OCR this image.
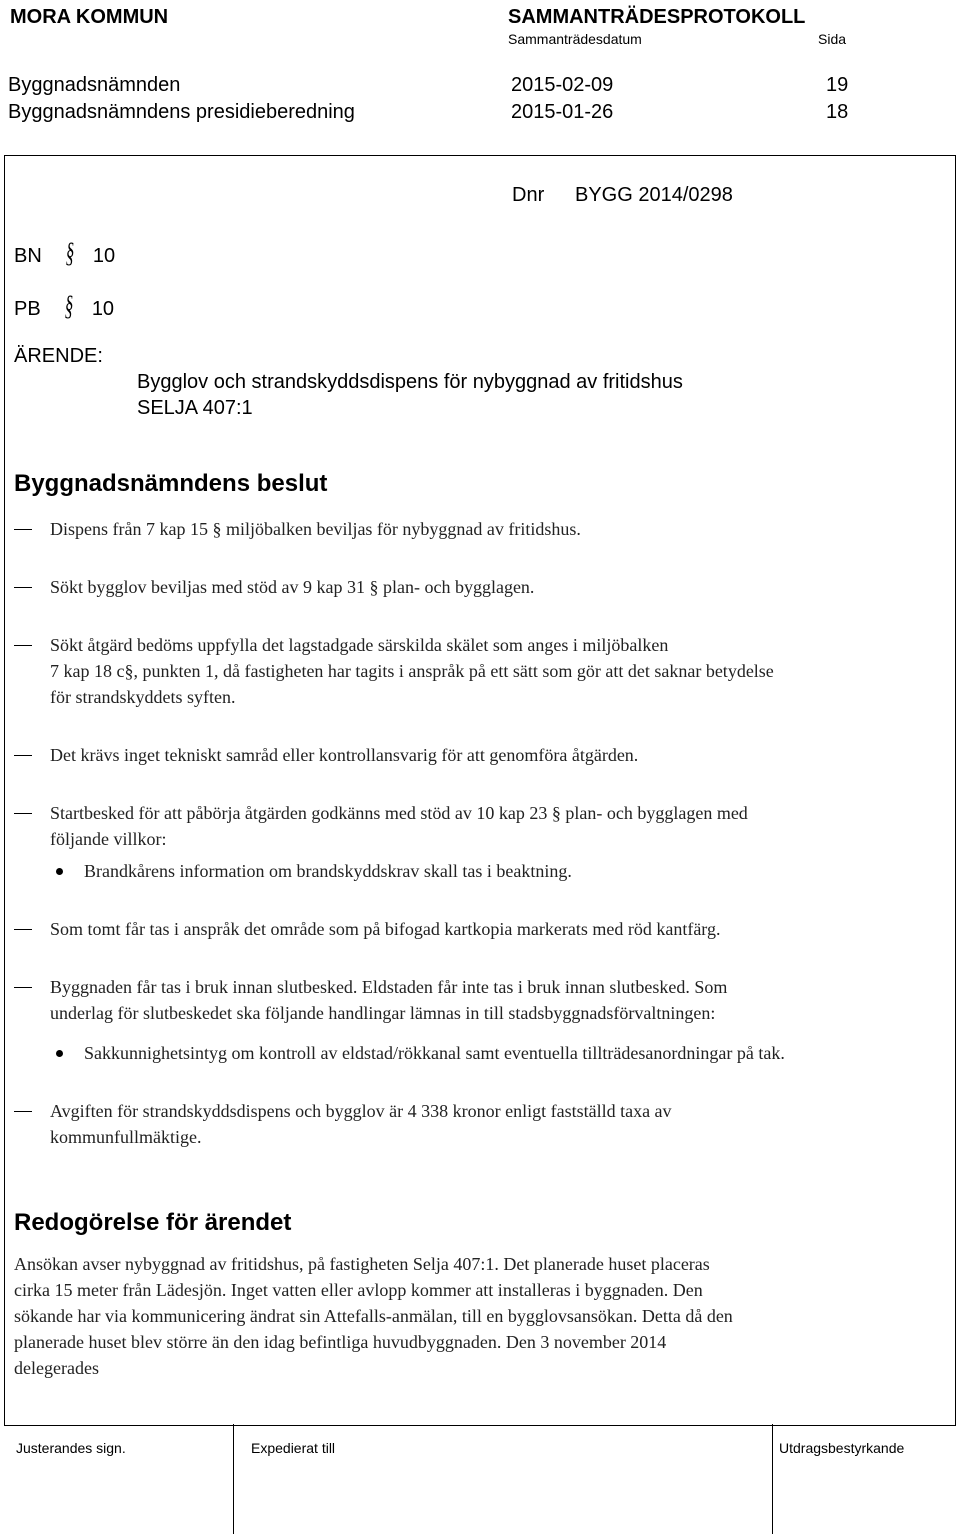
MORA KOMMUN	SAMMANTRÄDESPROTOKOLL
Sammanträdesdatum	Sida
Byggnadsnämnden	2015-02-09	19
Byggnadsnämndens presidieberedning	2015-01-26	18
Dnr BYGG 2014/0298
BN § 10
PB § 10
ÄRENDE:
Bygglov och strandskyddsdispens för nybyggnad av fritidshus
SELJA 407:1
Byggnadsnämndens beslut
Dispens från 7 kap 15 § miljöbalken beviljas för nybyggnad av fritidshus.
Sökt bygglov beviljas med stöd av 9 kap 31 § plan- och bygglagen.
Sökt åtgärd bedöms uppfylla det lagstadgade särskilda skälet som anges i miljöbalken
7 kap 18 c§, punkten 1, då fastigheten har tagits i anspråk på ett sätt som gör att det saknar betydelse
för strandskyddets syften.
Det krävs inget tekniskt samråd eller kontrollansvarig för att genomföra åtgärden.
Startbesked för att påbörja åtgärden godkänns med stöd av 10 kap 23 § plan- och bygglagen med
följande villkor:
Brandkårens information om brandskyddskrav skall tas i beaktning.
Som tomt får tas i anspråk det område som på bifogad kartkopia markerats med röd kantfärg.
Byggnaden får tas i bruk innan slutbesked. Eldstaden får inte tas i bruk innan slutbesked. Som
underlag för slutbeskedet ska följande handlingar lämnas in till stadsbyggnadsförvaltningen:
Sakkunnighetsintyg om kontroll av eldstad/rökkanal samt eventuella tillträdesanordningar på tak.
Avgiften för strandskyddsdispens och bygglov är 4 338 kronor enligt fastställd taxa av
kommunfullmäktige.
Redogörelse för ärendet
Ansökan avser nybyggnad av fritidshus, på fastigheten Selja 407:1. Det planerade huset placeras
cirka 15 meter från Lädesjön. Inget vatten eller avlopp kommer att installeras i byggnaden. Den
sökande har via kommunicering ändrat sin Attefalls-anmälan, till en bygglovsansökan. Detta då den
planerade huset blev större än den idag befintliga huvudbyggnaden. Den 3 november 2014
delegerades
Justerandes sign.	Expedierat till	Utdragsbestyrkande
